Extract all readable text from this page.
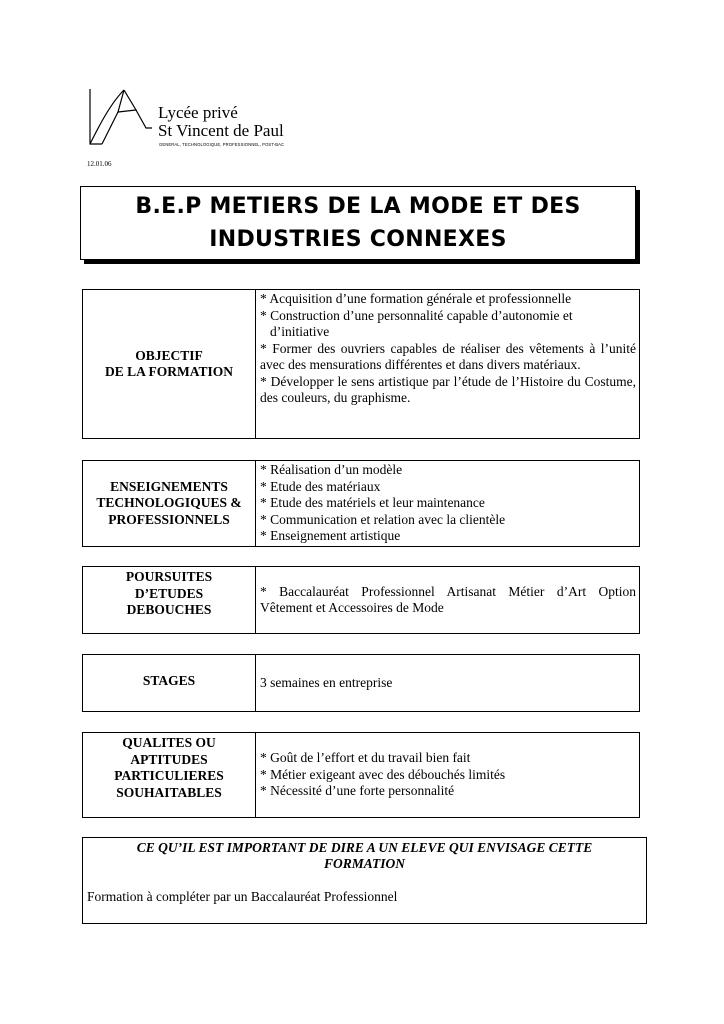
Lycée privé
St Vincent de Paul
GENERAL, TECHNOLOGIQUE, PROFESSIONNEL, POST-BAC
12.01.06
B.E.P METIERS DE LA MODE ET DES
INDUSTRIES CONNEXES
OBJECTIF
DE LA FORMATION

* Acquisition d’une formation générale et professionnelle
* Construction d’une personnalité capable d’autonomie et
d’initiative
* Former des ouvriers capables de réaliser des vêtements à l’unité avec des mensurations différentes et dans divers matériaux.
* Développer le sens artistique par l’étude de l’Histoire du Costume, des couleurs, du graphisme.
ENSEIGNEMENTS
TECHNOLOGIQUES &
PROFESSIONNELS

* Réalisation d’un modèle
* Etude des matériaux
* Etude des matériels et leur maintenance
* Communication et relation avec la clientèle
* Enseignement artistique
POURSUITES
D’ETUDES
DEBOUCHES

* Baccalauréat Professionnel Artisanat Métier d’Art Option Vêtement et Accessoires de Mode
STAGES	3 semaines en entreprise
QUALITES OU
APTITUDES
PARTICULIERES
SOUHAITABLES

* Goût de l’effort et du travail bien fait
* Métier exigeant avec des débouchés limités
* Nécessité d’une forte personnalité
CE QU’IL EST IMPORTANT DE DIRE A UN ELEVE QUI ENVISAGE CETTE
FORMATION
Formation à compléter par un Baccalauréat Professionnel
